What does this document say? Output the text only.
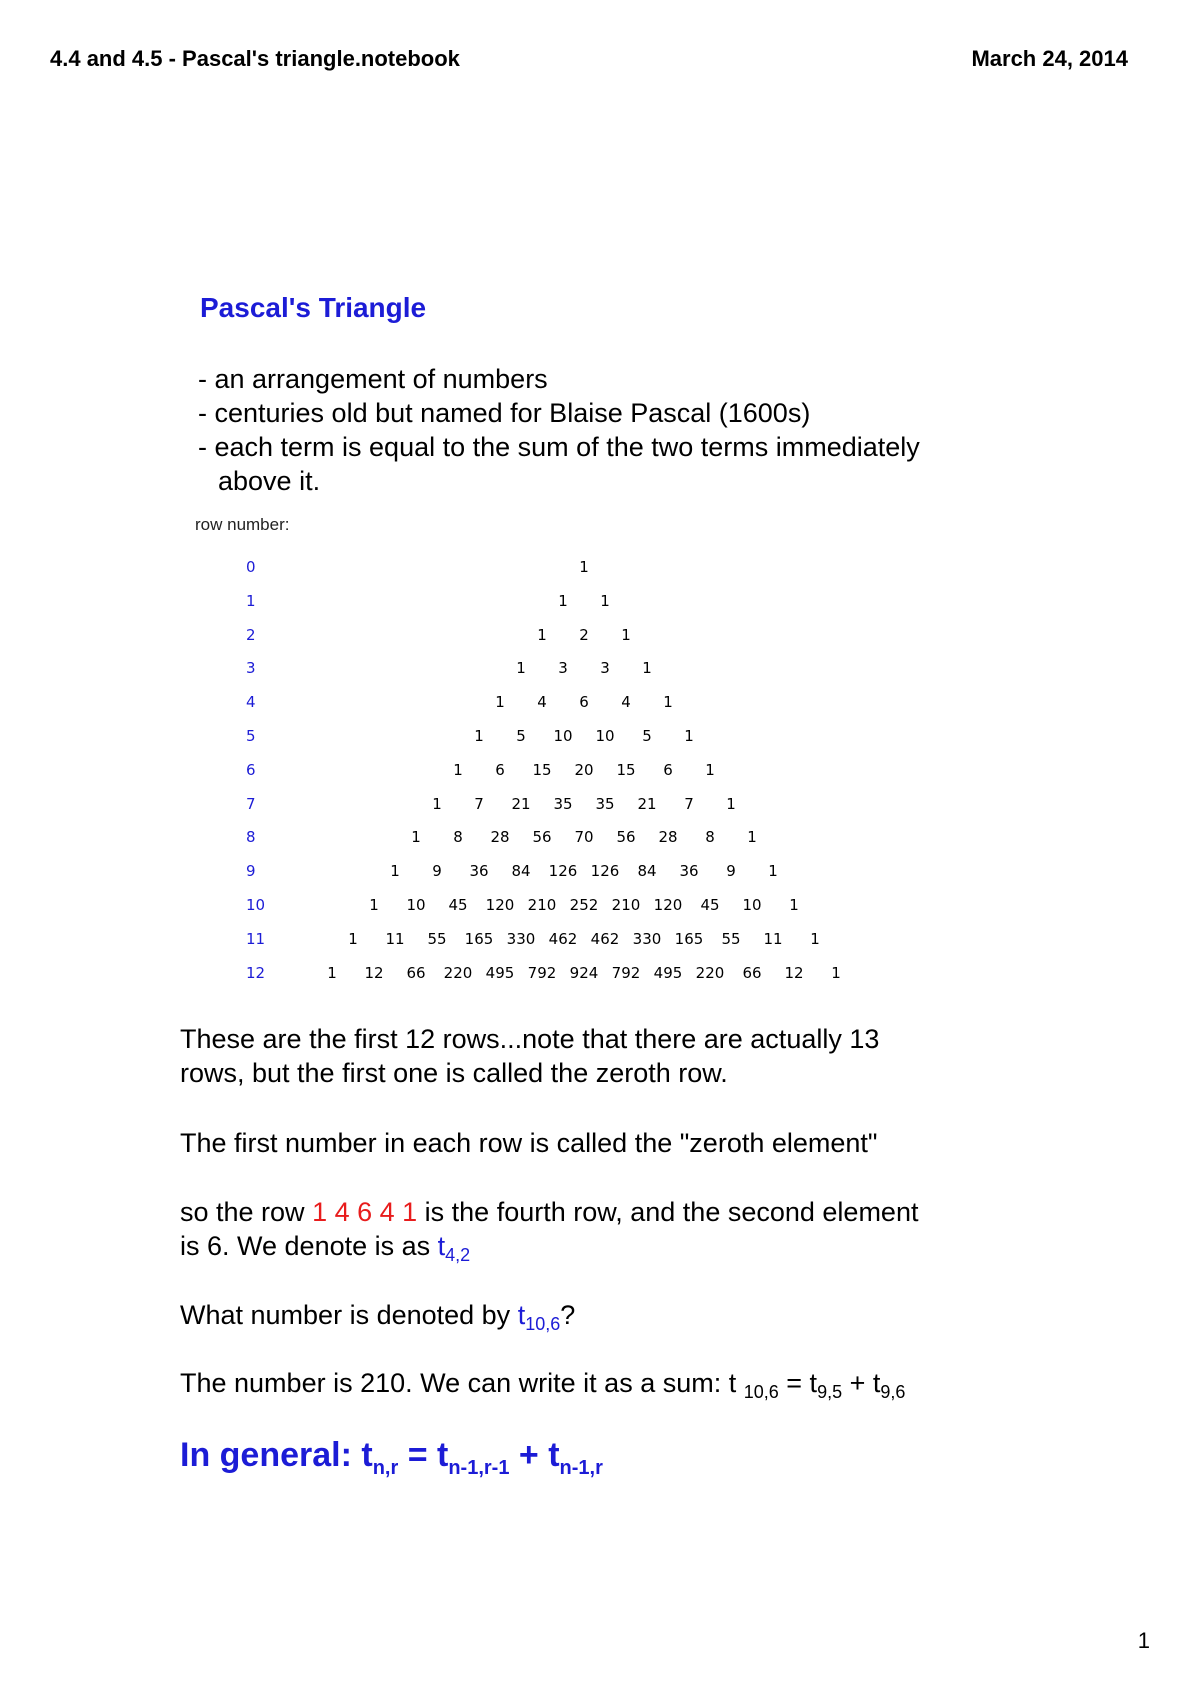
4.4 and 4.5 - Pascal's triangle.notebook	March 24, 2014
Pascal's Triangle
- an arrangement of numbers
- centuries old but named for Blaise Pascal (1600s)
- each term is equal to the sum of the two terms immediately
above it.
row number:
0	1
1	1 1
2	1 2 1
3	1 3 3 1
4	1 4 6 4 1
5	1 5 10 10 5 1
6	1 6 15 20 15 6 1
7	1 7 21 35 35 21 7 1
8	1 8 28 56 70 56 28 8 1
9	1 9 36 84 126 126 84 36 9 1
10	1 10 45 120 210 252 210 120 45 10 1
11	1 11 55 165 330 462 462 330 165 55 11 1
12	1 12 66 220 495 792 924 792 495 220 66 12 1
These are the first 12 rows...note that there are actually 13
rows, but the first one is called the zeroth row.
The first number in each row is called the "zeroth element"
so the row 1 4 6 4 1 is the fourth row, and the second element
is 6. We denote is as $t_{4,2}$
What number is denoted by $t_{10,6}$?
The number is 210. We can write it as a sum: t $_{10,6} = t_{9,5} + t_{9,6}$
In general: $t_{n,r} = t_{n-1,r-1} + t_{n-1,r}$
1
